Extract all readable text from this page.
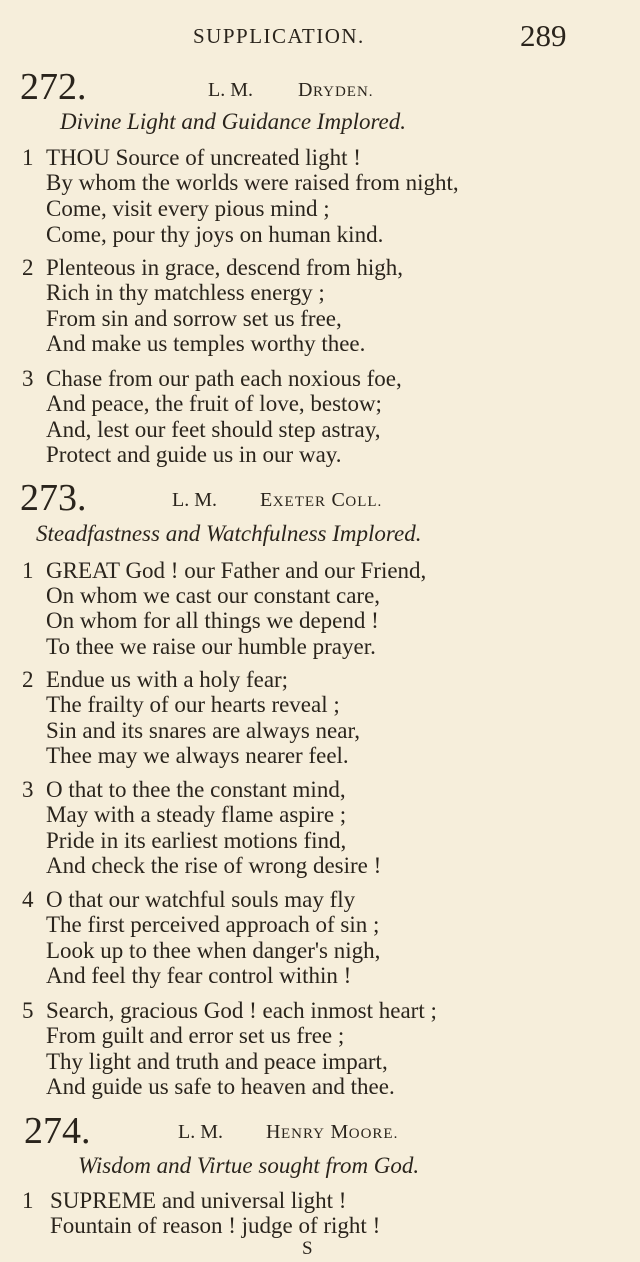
SUPPLICATION.	289
272.	L. M. DRYDEN.
Divine Light and Guidance Implored.
1 THOU Source of uncreated light !
By whom the worlds were raised from night,
Come, visit every pious mind ;
Come, pour thy joys on human kind.
2 Plenteous in grace, descend from high,
Rich in thy matchless energy ;
From sin and sorrow set us free,
And make us temples worthy thee.
3 Chase from our path each noxious foe,
And peace, the fruit of love, bestow;
And, lest our feet should step astray,
Protect and guide us in our way.
273.	L. M. EXETER COLL.
Steadfastness and Watchfulness Implored.
1 GREAT God ! our Father and our Friend,
On whom we cast our constant care,
On whom for all things we depend !
To thee we raise our humble prayer.
2 Endue us with a holy fear;
The frailty of our hearts reveal ;
Sin and its snares are always near,
Thee may we always nearer feel.
3 O that to thee the constant mind,
May with a steady flame aspire ;
Pride in its earliest motions find,
And check the rise of wrong desire !
4 O that our watchful souls may fly
The first perceived approach of sin ;
Look up to thee when danger's nigh,
And feel thy fear control within !
5 Search, gracious God ! each inmost heart ;
From guilt and error set us free ;
Thy light and truth and peace impart,
And guide us safe to heaven and thee.
274.	L. M. HENRY MOORE.
Wisdom and Virtue sought from God.
1 SUPREME and universal light !
Fountain of reason ! judge of right !
S
